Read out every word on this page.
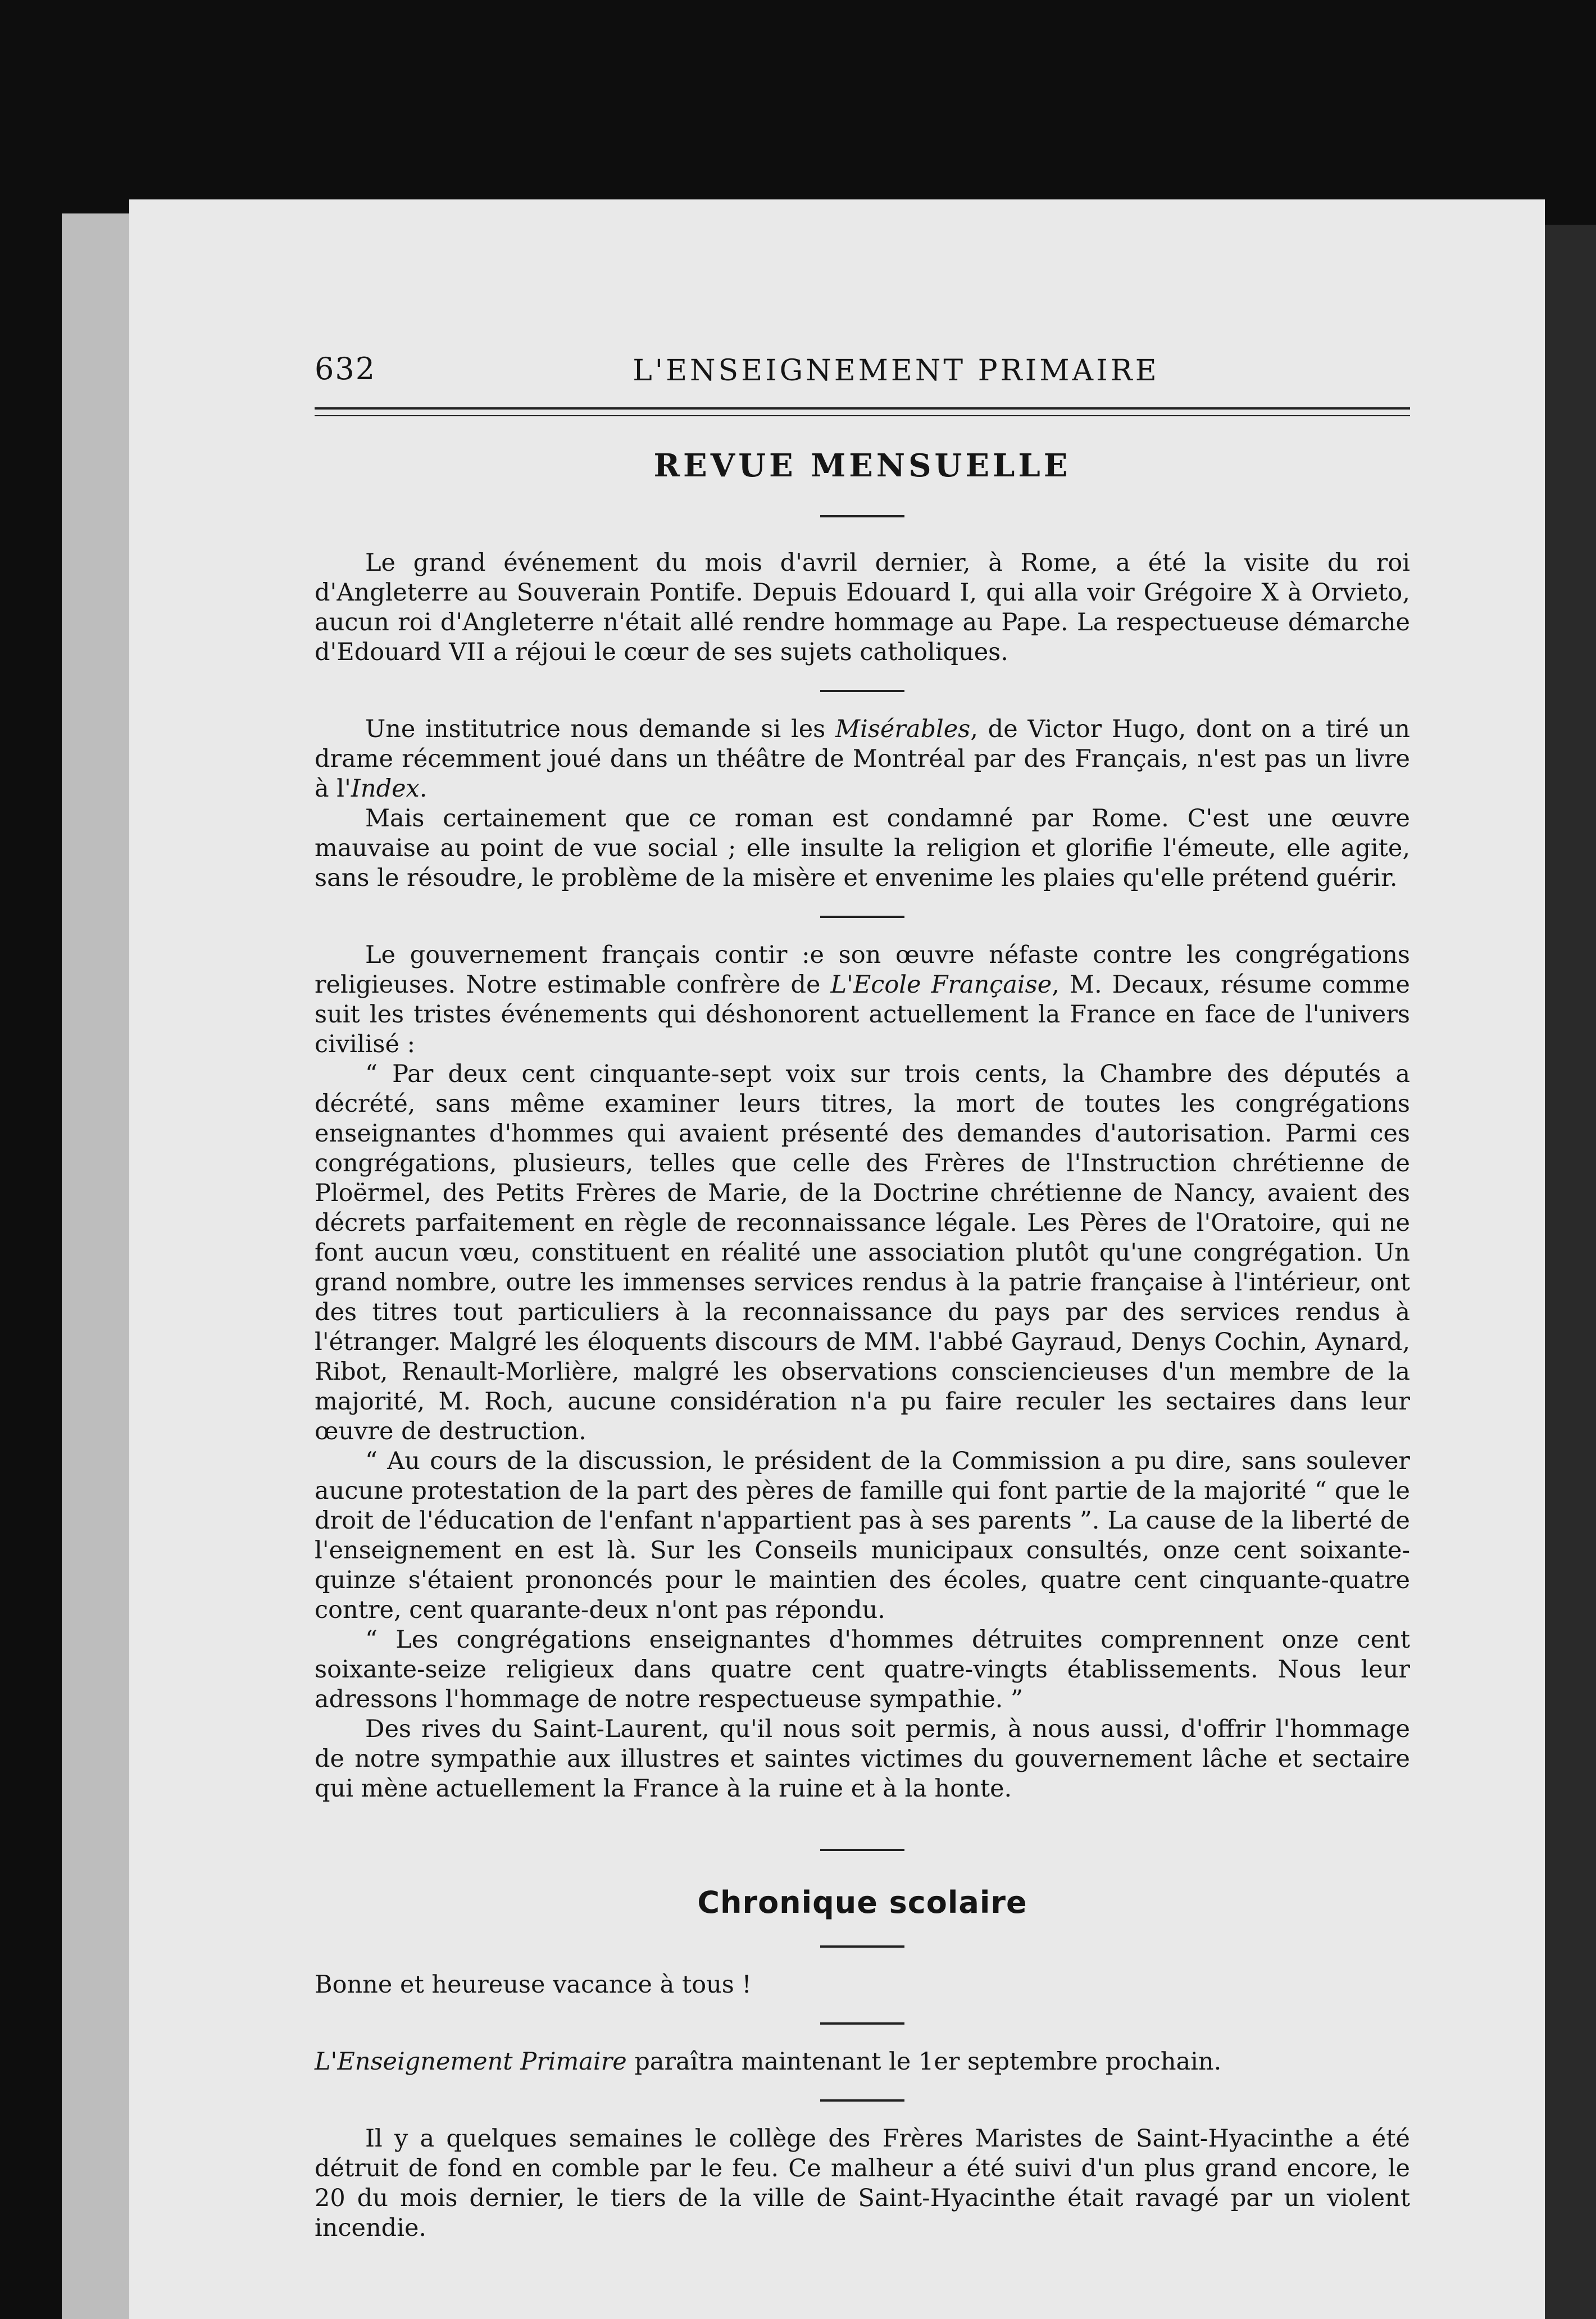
632	L'ENSEIGNEMENT PRIMAIRE
REVUE MENSUELLE

Le grand événement du mois d'avril dernier, à Rome, a été la visite du roi d'Angleterre au Souverain Pontife. Depuis Edouard I, qui alla voir Grégoire X à Orvieto, aucun roi d'Angleterre n'était allé rendre hommage au Pape. La respectueuse démarche d'Edouard VII a réjoui le cœur de ses sujets catholiques.

Une institutrice nous demande si les Misérables, de Victor Hugo, dont on a tiré un drame récemment joué dans un théâtre de Montréal par des Français, n'est pas un livre à l'Index.

Mais certainement que ce roman est condamné par Rome. C'est une œuvre mauvaise au point de vue social ; elle insulte la religion et glorifie l'émeute, elle agite, sans le résoudre, le problème de la misère et envenime les plaies qu'elle prétend guérir.

Le gouvernement français contir :e son œuvre néfaste contre les congrégations religieuses. Notre estimable confrère de L'Ecole Française, M. Decaux, résume comme suit les tristes événements qui déshonorent actuellement la France en face de l'univers civilisé :

“ Par deux cent cinquante-sept voix sur trois cents, la Chambre des députés a décrété, sans même examiner leurs titres, la mort de toutes les congrégations enseignantes d'hommes qui avaient présenté des demandes d'autorisation. Parmi ces congrégations, plusieurs, telles que celle des Frères de l'Instruction chrétienne de Ploërmel, des Petits Frères de Marie, de la Doctrine chrétienne de Nancy, avaient des décrets parfaitement en règle de reconnaissance légale. Les Pères de l'Oratoire, qui ne font aucun vœu, constituent en réalité une association plutôt qu'une congrégation. Un grand nombre, outre les immenses services rendus à la patrie française à l'intérieur, ont des titres tout particuliers à la reconnaissance du pays par des services rendus à l'étranger. Malgré les éloquents discours de MM. l'abbé Gayraud, Denys Cochin, Aynard, Ribot, Renault-Morlière, malgré les observations consciencieuses d'un membre de la majorité, M. Roch, aucune considération n'a pu faire reculer les sectaires dans leur œuvre de destruction.

“ Au cours de la discussion, le président de la Commission a pu dire, sans soulever aucune protestation de la part des pères de famille qui font partie de la majorité “ que le droit de l'éducation de l'enfant n'appartient pas à ses parents ”. La cause de la liberté de l'enseignement en est là. Sur les Conseils municipaux consultés, onze cent soixante-quinze s'étaient prononcés pour le maintien des écoles, quatre cent cinquante-quatre contre, cent quarante-deux n'ont pas répondu.

“ Les congrégations enseignantes d'hommes détruites comprennent onze cent soixante-seize religieux dans quatre cent quatre-vingts établissements. Nous leur adressons l'hommage de notre respectueuse sympathie. ”

Des rives du Saint-Laurent, qu'il nous soit permis, à nous aussi, d'offrir l'hommage de notre sympathie aux illustres et saintes victimes du gouvernement lâche et sectaire qui mène actuellement la France à la ruine et à la honte.

Chronique scolaire

Bonne et heureuse vacance à tous !

L'Enseignement Primaire paraîtra maintenant le 1er septembre prochain.

Il y a quelques semaines le collège des Frères Maristes de Saint-Hyacinthe a été détruit de fond en comble par le feu. Ce malheur a été suivi d'un plus grand encore, le 20 du mois dernier, le tiers de la ville de Saint-Hyacinthe était ravagé par un violent incendie.
